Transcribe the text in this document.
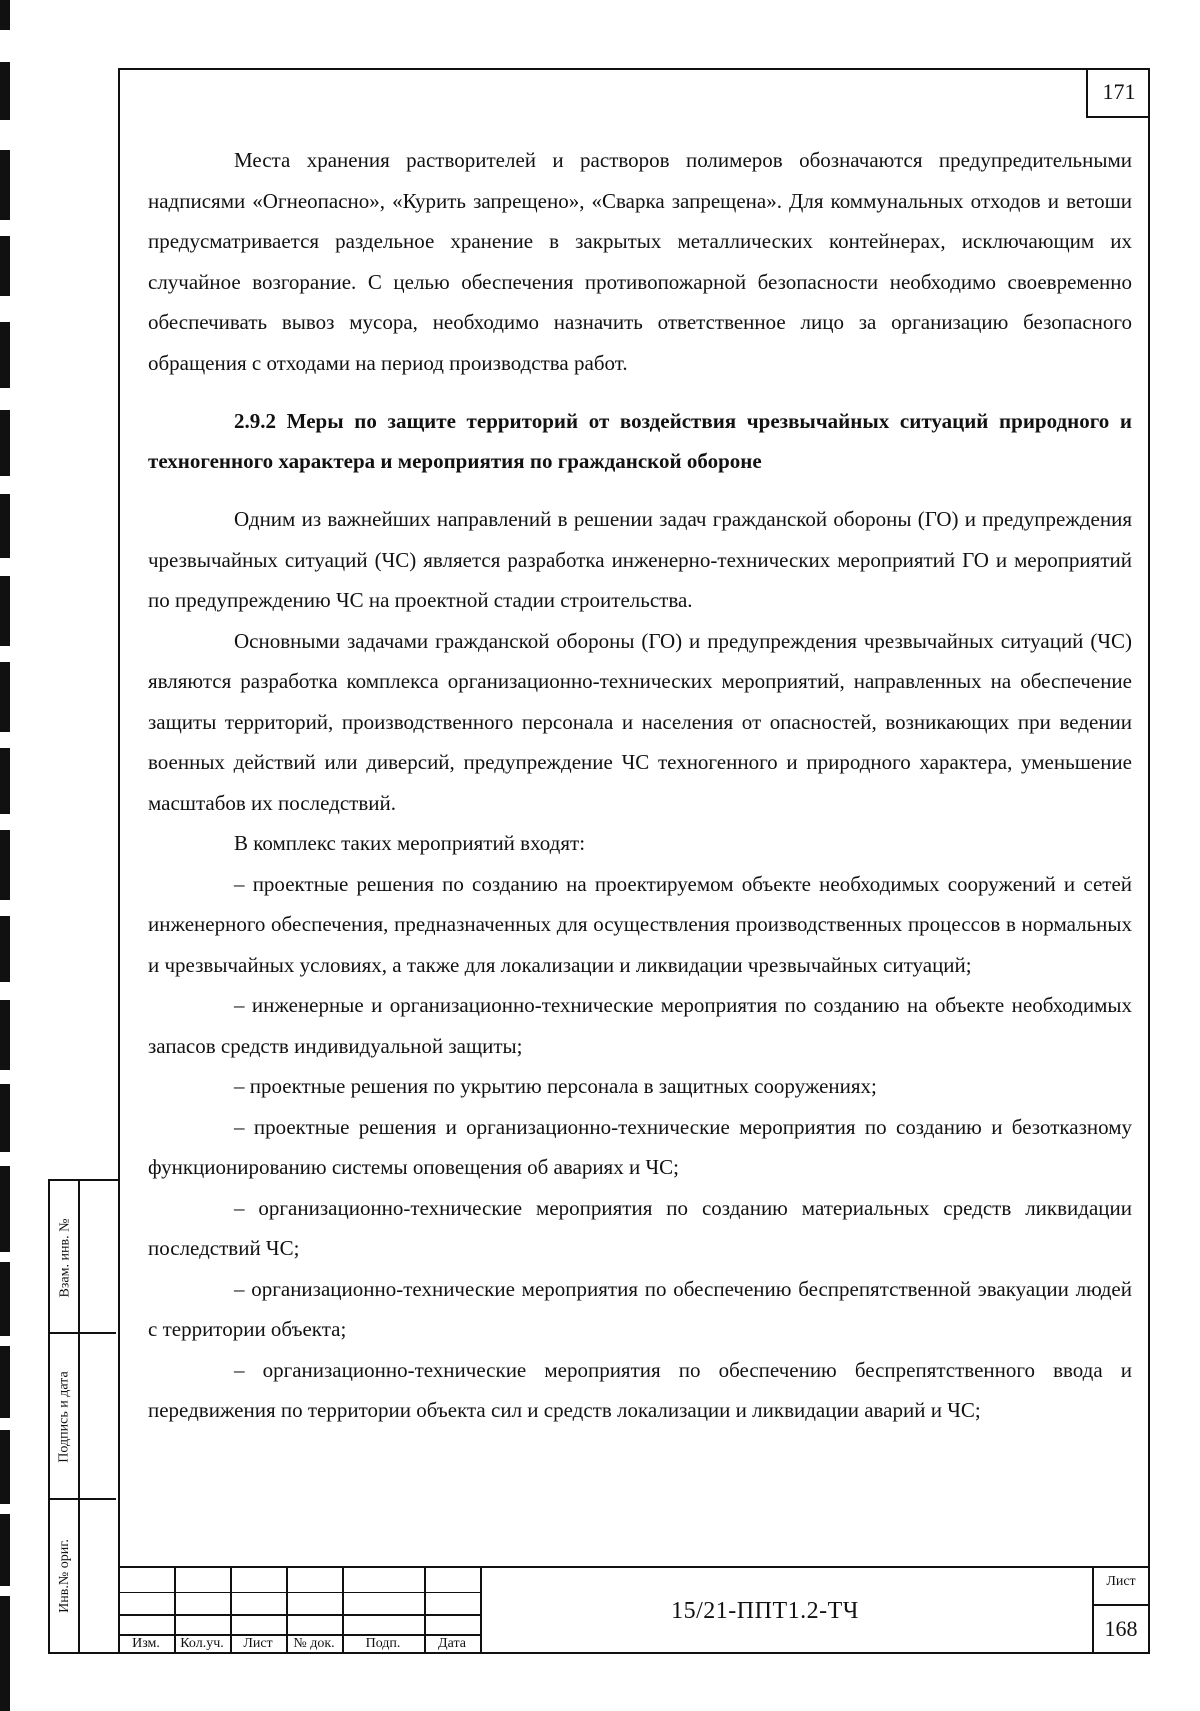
171

Места хранения растворителей и растворов полимеров обозначаются предупредительными надписями «Огнеопасно», «Курить запрещено», «Сварка запрещена». Для коммунальных отходов и ветоши предусматривается раздельное хранение в закрытых металлических контейнерах, исключающим их случайное возгорание. С целью обеспечения противопожарной безопасности необходимо своевременно обеспечивать вывоз мусора, необходимо назначить ответственное лицо за организацию безопасного обращения с отходами на период производства работ.

2.9.2 Меры по защите территорий от воздействия чрезвычайных ситуаций природного и техногенного характера и мероприятия по гражданской обороне

Одним из важнейших направлений в решении задач гражданской обороны (ГО) и предупреждения чрезвычайных ситуаций (ЧС) является разработка инженерно-технических мероприятий ГО и мероприятий по предупреждению ЧС на проектной стадии строительства.

Основными задачами гражданской обороны (ГО) и предупреждения чрезвычайных ситуаций (ЧС) являются разработка комплекса организационно-технических мероприятий, направленных на обеспечение защиты территорий, производственного персонала и населения от опасностей, возникающих при ведении военных действий или диверсий, предупреждение ЧС техногенного и природного характера, уменьшение масштабов их последствий.

В комплекс таких мероприятий входят:

– проектные решения по созданию на проектируемом объекте необходимых сооружений и сетей инженерного обеспечения, предназначенных для осуществления производственных процессов в нормальных и чрезвычайных условиях, а также для локализации и ликвидации чрезвычайных ситуаций;

– инженерные и организационно-технические мероприятия по созданию на объекте необходимых запасов средств индивидуальной защиты;

– проектные решения по укрытию персонала в защитных сооружениях;

– проектные решения и организационно-технические мероприятия по созданию и безотказному функционированию системы оповещения об авариях и ЧС;

– организационно-технические мероприятия по созданию материальных средств ликвидации последствий ЧС;

– организационно-технические мероприятия по обеспечению беспрепятственной эвакуации людей с территории объекта;

– организационно-технические мероприятия по обеспечению беспрепятственного ввода и передвижения по территории объекта сил и средств локализации и ликвидации аварий и ЧС;

Взам. инв. №
Подпись и дата
Инв.№ ориг.
Изм.	Кол.уч.	Лист	№ док.	Подп.	Дата
15/21-ППТ1.2-ТЧ
Лист
168
